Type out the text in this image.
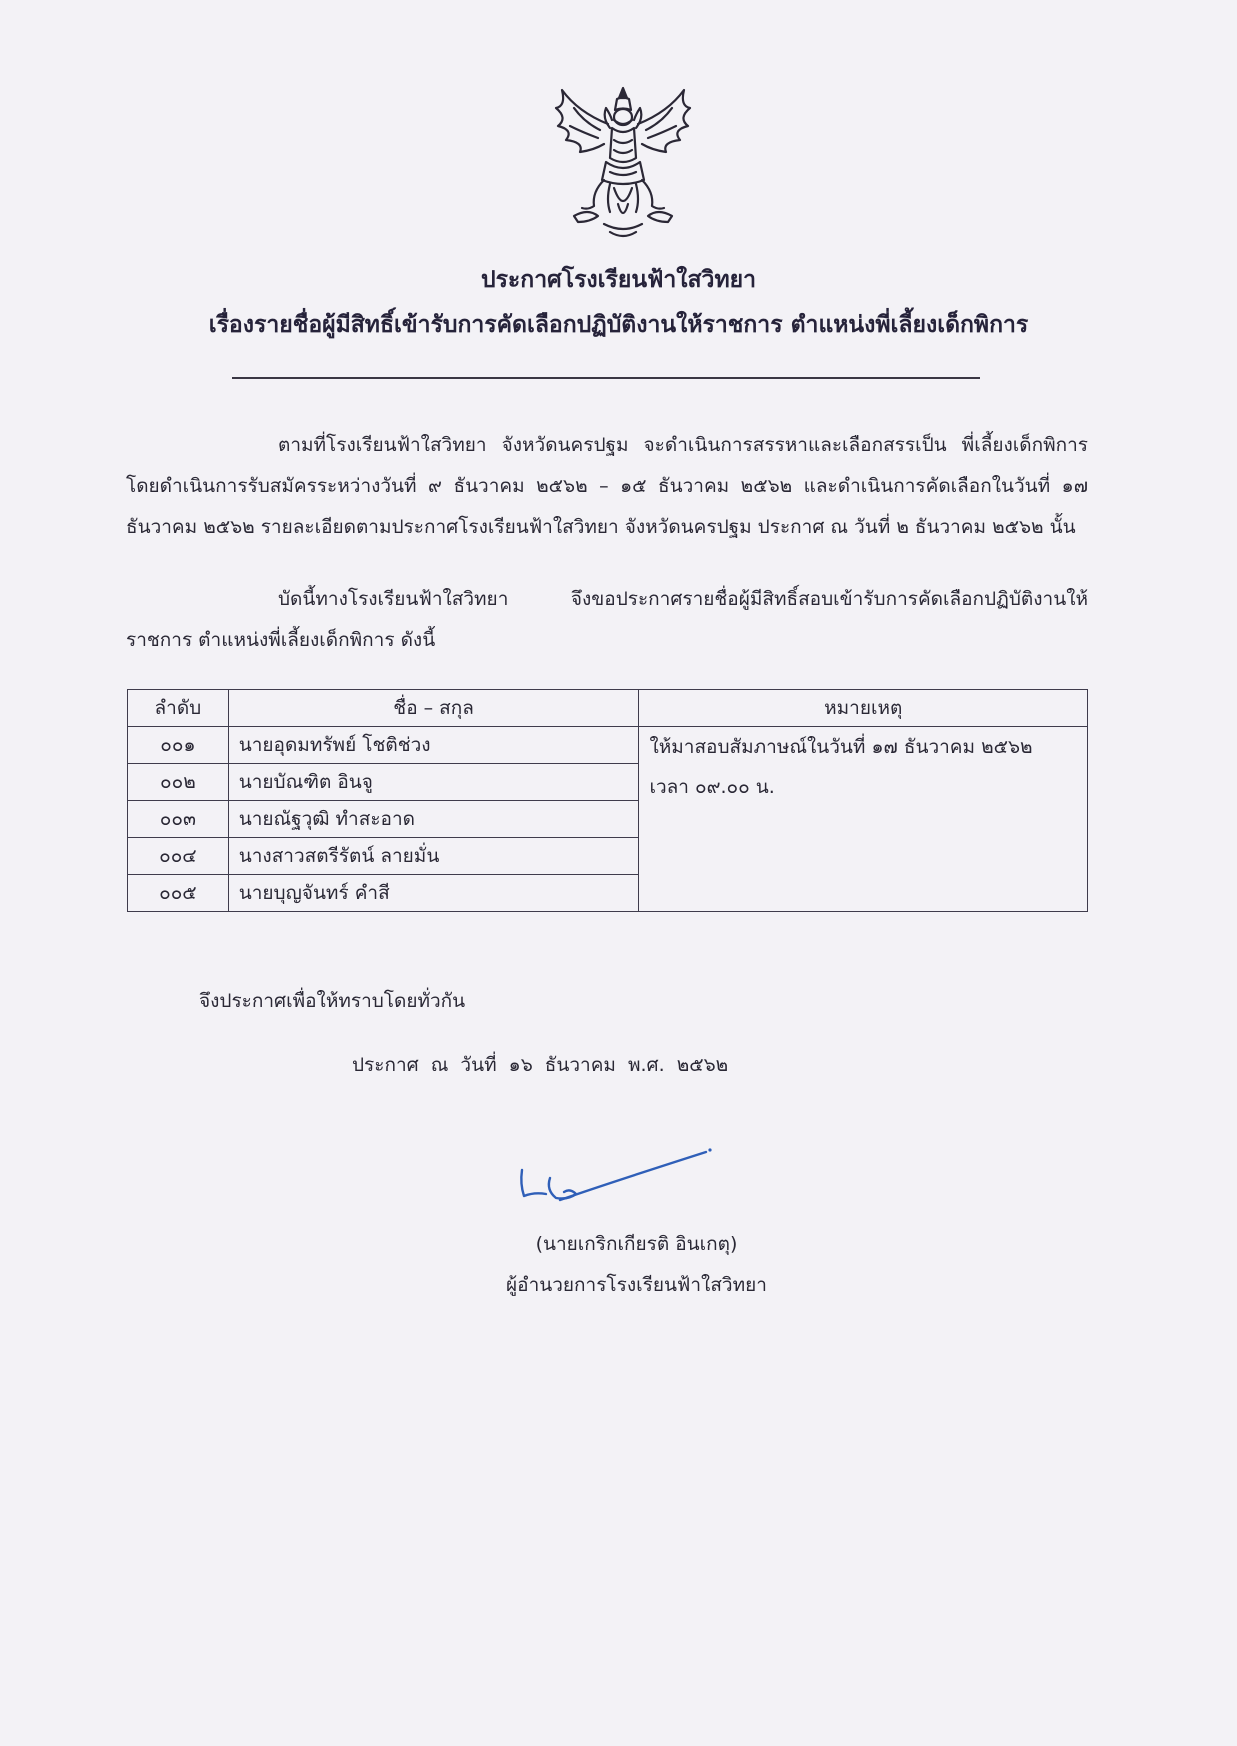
ประกาศโรงเรียนฟ้าใสวิทยา
เรื่องรายชื่อผู้มีสิทธิ์เข้ารับการคัดเลือกปฏิบัติงานให้ราชการ ตำแหน่งพี่เลี้ยงเด็กพิการ
ตามที่โรงเรียนฟ้าใสวิทยา จังหวัดนครปฐม จะดำเนินการสรรหาและเลือกสรรเป็น พี่เลี้ยงเด็กพิการ โดยดำเนินการรับสมัครระหว่างวันที่ ๙ ธันวาคม ๒๕๖๒ – ๑๕ ธันวาคม ๒๕๖๒ และดำเนินการคัดเลือกในวันที่ ๑๗ ธันวาคม ๒๕๖๒ รายละเอียดตามประกาศโรงเรียนฟ้าใสวิทยา จังหวัดนครปฐม ประกาศ ณ วันที่ ๒ ธันวาคม ๒๕๖๒ นั้น
บัดนี้ทางโรงเรียนฟ้าใสวิทยา จึงขอประกาศรายชื่อผู้มีสิทธิ์สอบเข้ารับการคัดเลือกปฏิบัติงานให้ราชการ ตำแหน่งพี่เลี้ยงเด็กพิการ ดังนี้
ลำดับ	ชื่อ – สกุล	หมายเหตุ
๐๐๑	นายอุดมทรัพย์ โชติช่วง	ให้มาสอบสัมภาษณ์ในวันที่ ๑๗ ธันวาคม ๒๕๖๒
เวลา ๐๙.๐๐ น.

๐๐๒	นายบัณฑิต อินจู	
๐๐๓	นายณัฐวุฒิ ทำสะอาด	
๐๐๔	นางสาวสตรีรัตน์ ลายมั่น	
๐๐๕	นายบุญจันทร์ คำสี	
จึงประกาศเพื่อให้ทราบโดยทั่วกัน
ประกาศ ณ วันที่ ๑๖ ธันวาคม พ.ศ. ๒๕๖๒
(นายเกริกเกียรติ อินเกตุ)
ผู้อำนวยการโรงเรียนฟ้าใสวิทยา
